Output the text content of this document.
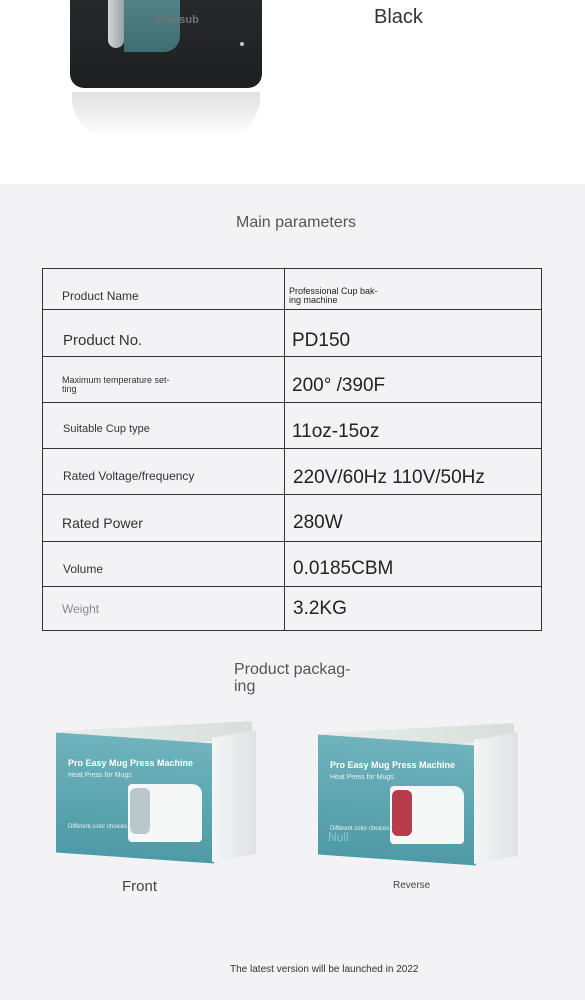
Freesub	Black
Main parameters
Product Name	Professional Cup bak-
ing machine
Product No.	PD150
Maximum temperature set-
ting	200° /390F
Suitable Cup type	11oz-15oz
Rated Voltage/frequency	220V/60Hz 110V/50Hz
Rated Power	280W
Volume	0.0185CBM
Weight	3.2KG
Product packag-
ing
Pro Easy Mug Press Machine
Heat Press for Mugs
Different color choices
Front
Pro Easy Mug Press Machine
Heat Press for Mugs
Different color choices
Null
Reverse
The latest version will be launched in 2022
